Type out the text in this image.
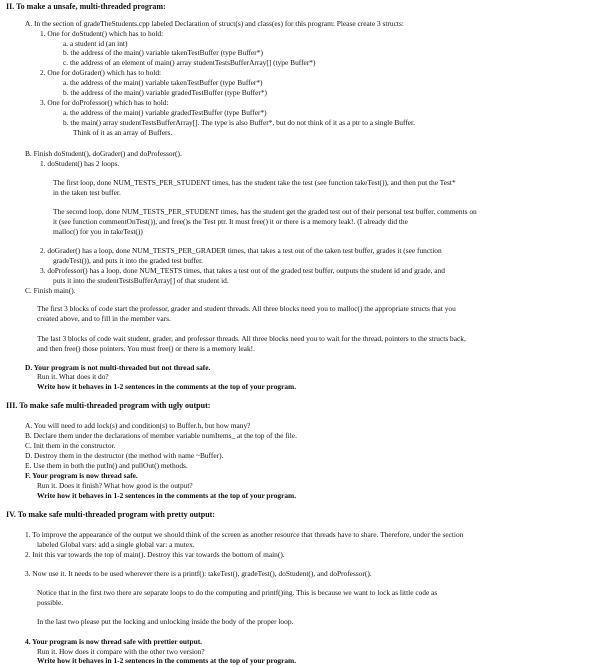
II. To make a unsafe, multi-threaded program:
A. In the section of gradeTheStudents.cpp labeled Declaration of struct(s) and class(es) for this program: Please create 3 structs:
1. One for doStudent() which has to hold:
a. a student id (an int)
b. the address of the main() variable takenTestBuffer (type Buffer*)
c. the address of an element of main() array studentTestsBufferArray[] (type Buffer*)
2. One for doGrader() which has to hold:
a. the address of the main() variable takenTestBuffer (type Buffer*)
b. the address of the main() variable gradedTestBuffer (type Buffer*)
3. One for doProfessor() which has to hold:
a. the address of the main() variable gradedTestBuffer (type Buffer*)
b. the main() array studentTestsBufferArray[]. The type is also Buffer*, but do not think of it as a ptr to a single Buffer.
Think of it as an array of Buffers.
B. Finish doStudent(), doGrader() and doProfessor().
1. doStudent() has 2 loops.
The first loop, done NUM_TESTS_PER_STUDENT times, has the student take the test (see function takeTest()), and then put the Test*
in the taken test buffer.
The second loop, done NUM_TESTS_PER_STUDENT times, has the student get the graded test out of their personal test buffer, comments on
it (see function commentOnTest()), and free()s the Test ptr. It must free() it or there is a memory leak!. (I already did the
malloc() for you in takeTest())
2. doGrader() has a loop, done NUM_TESTS_PER_GRADER times, that takes a test out of the taken test buffer, grades it (see function
gradeTest()), and puts it into the graded test buffer.
3. doProfessor() has a loop, done NUM_TESTS times, that takes a test out of the graded test buffer, outputs the student id and grade, and
puts it into the studentTestsBufferArray[] of that student id.
C. Finish main().
The first 3 blocks of code start the professor, grader and student threads. All three blocks need you to malloc() the appropriate structs that you
created above, and to fill in the member vars.
The last 3 blocks of code wait student, grader, and professor threads. All three blocks need you to wait for the thread, pointers to the structs back,
and then free() those pointers. You must free() or there is a memory leak!.
D. Your program is not multi-threaded but not thread safe.
Run it. What does it do?
Write how it behaves in 1-2 sentences in the comments at the top of your program.
III. To make safe multi-threaded program with ugly output:
A. You will need to add lock(s) and condition(s) to Buffer.h, but how many?
B. Declare them under the declarations of member variable numItems_ at the top of the file.
C. Init them in the constructor.
D. Destroy them in the destructor (the method with name ~Buffer).
E. Use them in both the putIn() and pullOut() methods.
F. Your program is now thread safe.
Run it. Does it finish? What how good is the output?
Write how it behaves in 1-2 sentences in the comments at the top of your program.
IV. To make safe multi-threaded program with pretty output:
1. To improve the appearance of the output we should think of the screen as another resource that threads have to share. Therefore, under the section
labeled Global vars: add a single global var: a mutex.
2. Init this var towards the top of main(). Destroy this var towards the bottom of main().
3. Now use it. It needs to be used wherever there is a printf(): takeTest(), gradeTest(), doStudent(), and doProfessor().
Notice that in the first two there are separate loops to do the computing and printf()ing. This is because we want to lock as little code as
possible.
In the last two please put the locking and unlocking inside the body of the proper loop.
4. Your program is now thread safe with prettier output.
Run it. How does it compare with the other two version?
Write how it behaves in 1-2 sentences in the comments at the top of your program.
